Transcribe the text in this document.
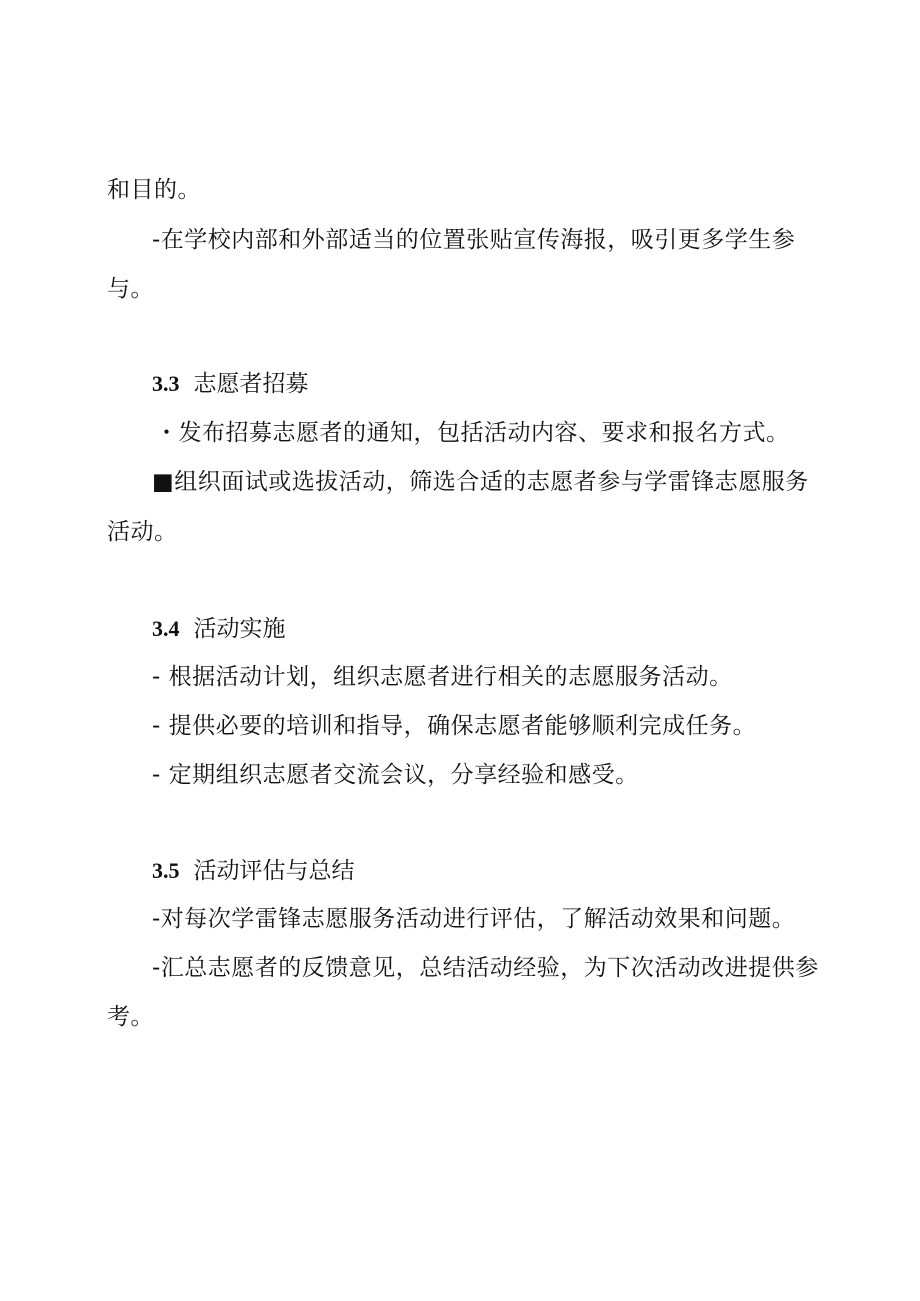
和目的。
-在学校内部和外部适当的位置张贴宣传海报，吸引更多学生参
与。
3.3 志愿者招募
・发布招募志愿者的通知，包括活动内容、要求和报名方式。
■组织面试或选拔活动，筛选合适的志愿者参与学雷锋志愿服务
活动。
3.4 活动实施
- 根据活动计划，组织志愿者进行相关的志愿服务活动。
- 提供必要的培训和指导，确保志愿者能够顺利完成任务。
- 定期组织志愿者交流会议，分享经验和感受。
3.5 活动评估与总结
-对每次学雷锋志愿服务活动进行评估，了解活动效果和问题。
-汇总志愿者的反馈意见，总结活动经验，为下次活动改进提供参
考。
